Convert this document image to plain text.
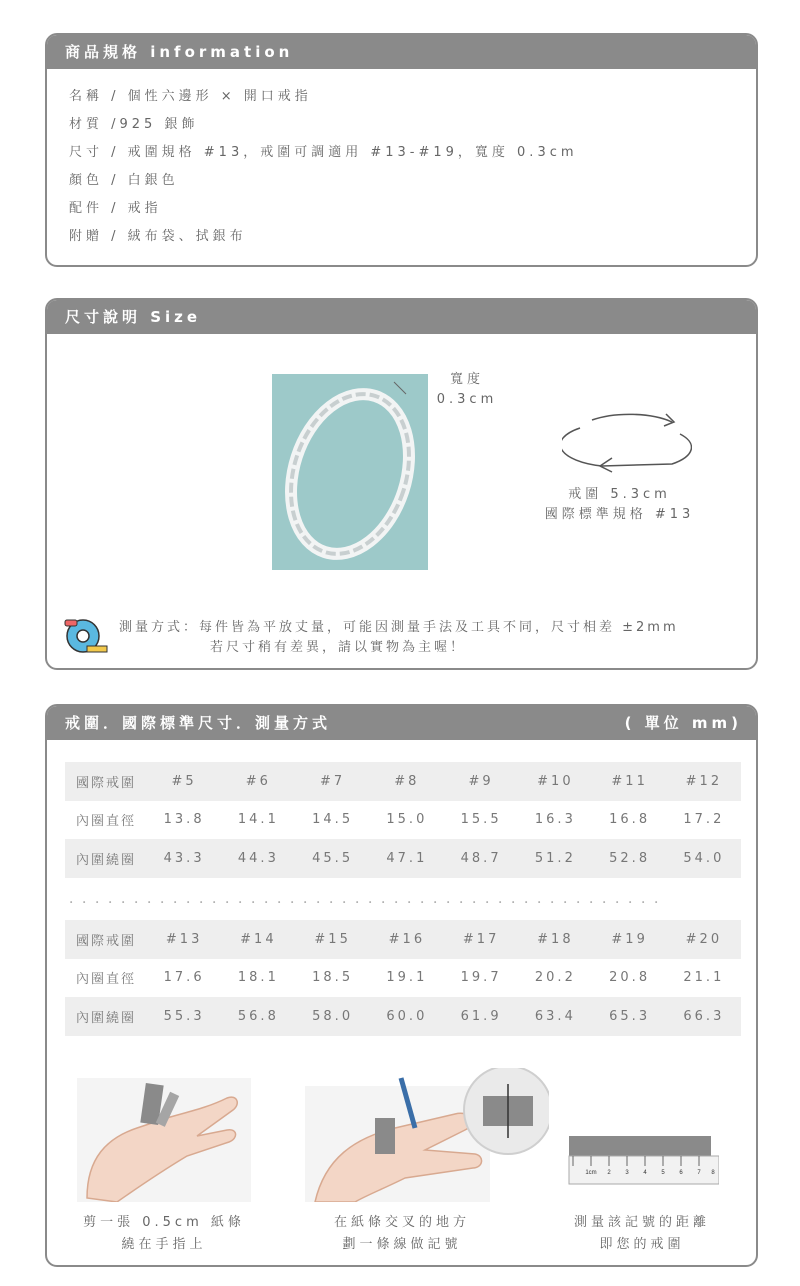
商品規格 information
名稱 / 個性六邊形 × 開口戒指
材質 /925 銀飾
尺寸 / 戒圍規格 #13，戒圍可調適用 #13-#19，寬度 0.3cm
顏色 / 白銀色
配件 / 戒指
附贈 / 絨布袋、拭銀布
尺寸說明 Size
寬度
0.3cm
戒圍 5.3cm
國際標準規格 #13
測量方式：每件皆為平放丈量，可能因測量手法及工具不同，尺寸相差 ±2mm
若尺寸稍有差異，請以實物為主喔！
戒圍．國際標準尺寸．測量方式	( 單位 mm)
國際戒圍	#5	#6	#7	#8	#9	#10	#11	#12
內圈直徑	13.8	14.1	14.5	15.0	15.5	16.3	16.8	17.2
內圍繞圈	43.3	44.3	45.5	47.1	48.7	51.2	52.8	54.0
．．．．．．．．．．．．．．．．．．．．．．．．．．．．．．．．．．．．．．．．．．．．．．
國際戒圍	#13	#14	#15	#16	#17	#18	#19	#20
內圈直徑	17.6	18.1	18.5	19.1	19.7	20.2	20.8	21.1
內圍繞圈	55.3	56.8	58.0	60.0	61.9	63.4	65.3	66.3
1cm 2 3 4 5 6 7 8
剪一張 0.5cm 紙條
繞在手指上
在紙條交叉的地方
劃一條線做記號
測量該記號的距離
即您的戒圍
